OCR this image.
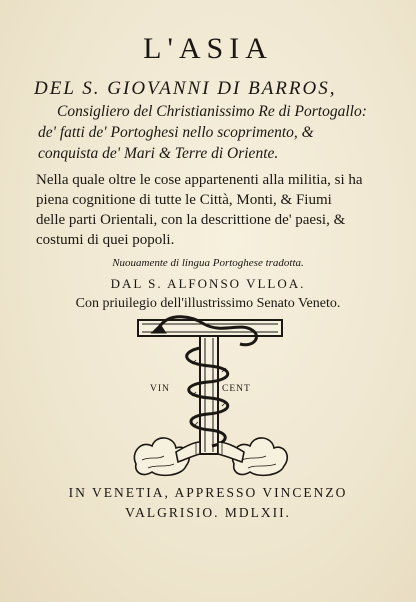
L'ASIA
DEL S. GIOVANNI DI BARROS,
Consigliero del Christianissimo Re di Portogallo:
de' fatti de' Portoghesi nello scoprimento, &
conquista de' Mari & Terre di Oriente.
Nella quale oltre le cose appartenenti alla militia, si ha
piena cognitione di tutte le Città, Monti, & Fiumi
delle parti Orientali, con la descrittione de' paesi, &
costumi di quei popoli.
Nuouamente di lingua Portoghese tradotta.
DAL S. ALFONSO VLLOA.
Con priuilegio dell'illustrissimo Senato Veneto.
VIN	CENT
IN VENETIA, APPRESSO VINCENZO
VALGRISIO. MDLXII.
